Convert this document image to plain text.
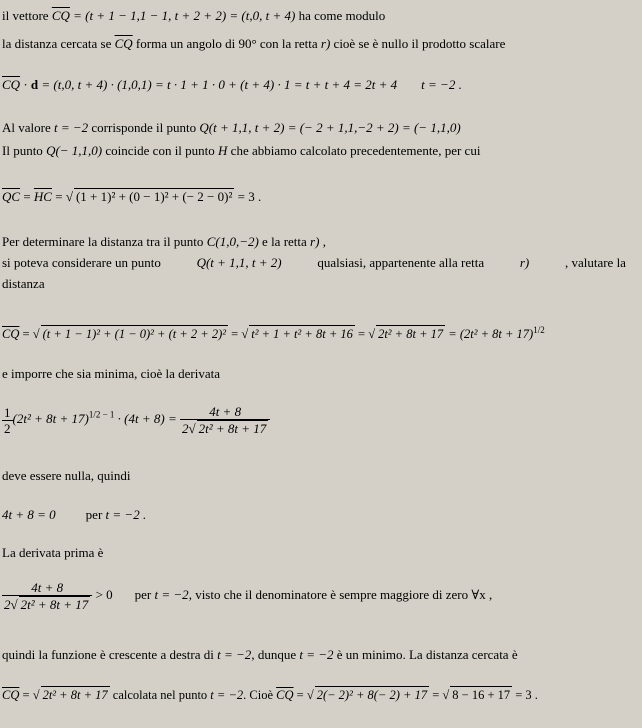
il vettore $\overline{CQ} = (t + 1 - 1,1 - 1$, t + 2 + 2) = (t,0, t + 4) ha come modulo
la distanza cercata se $\overline{CQ}$ forma un angolo di 90° con la retta r) cioè se è nullo il prodotto scalare
$\overline{CQ} \cdot d = (t,0$, t + 4) · (1,0,1) = t · 1 + 1 · 0 + (t + 4) · 1 = t + t + 4 = 2t + 4 t = −2 .
Al valore t = −2 corrisponde il punto Q(t + 1,1, t + 2) = (− 2 + 1,1,−2 + 2) = (− 1,1,0)
Il punto Q(− 1,1,0) coincide con il punto H che abbiamo calcolato precedentemente, per cui
$\overline{QC} = \overline{HC}$ = √ (1 + 1)² + (0 − 1)² + (− 2 − 0)² = 3 .
Per determinare la distanza tra il punto C(1,0,−2) e la retta r) ,
si poteva considerare un punto	Q(t + 1,1, t + 2)	qualsiasi, appartenente alla retta	r)	, valutare la
distanza
$\overline{CQ}$ = √ (t + 1 − 1)² + (1 − 0)² + (t + 2 + 2)² = √ t² + 1 + t² + 8t + 16 = √ $2t^2 + 8t + 17 = (2t^2 + 8t + 17)^{1/2}$
e imporre che sia minima, cioè la derivata
$\frac{1}{2} (2t^2 + 8t + 17)^{1/2 - 1} \cdot (4t + 8) = \frac{4t + 8}{\text{2 √ 2t² + 8t + 17}}$
deve essere nulla, quindi
4t + 8 = 0 per t = −2 .
La derivata prima è
$\frac{4t + 8}{\text{2 √ 2t² + 8t + 17}} > 0$ per t = −2, visto che il denominatore è sempre maggiore di zero ∀x ,
quindi la funzione è crescente a destra di t = −2, dunque t = −2 è un minimo. La distanza cercata è
$\overline{CQ}$ = √ 2t² + 8t + 17 calcolata nel punto t = −2. Cioè $\overline{CQ}$ = √ 2(− 2)² + 8(− 2) + 17 = √ 8 − 16 + 17 = 3 .
